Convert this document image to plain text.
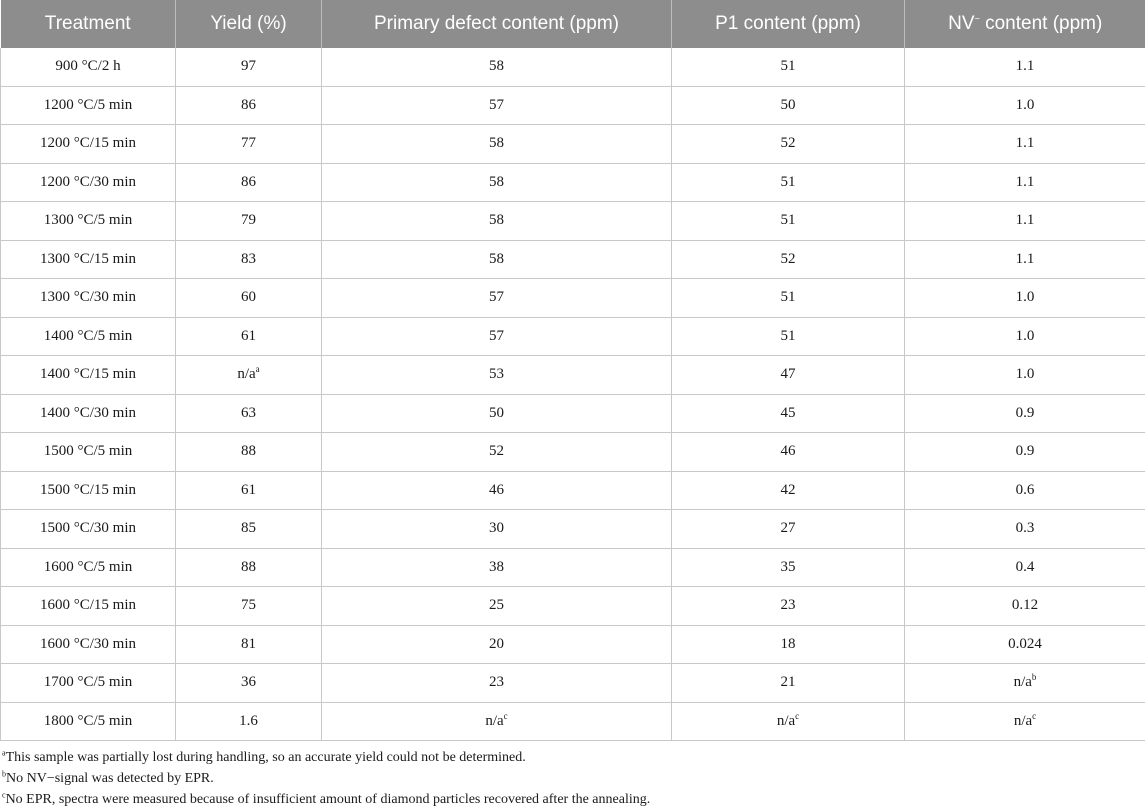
Treatment	Yield (%)	Primary defect content (ppm)	P1 content (ppm)	NV− content (ppm)
900 °C/2 h	97	58	51	1.1
1200 °C/5 min	86	57	50	1.0
1200 °C/15 min	77	58	52	1.1
1200 °C/30 min	86	58	51	1.1
1300 °C/5 min	79	58	51	1.1
1300 °C/15 min	83	58	52	1.1
1300 °C/30 min	60	57	51	1.0
1400 °C/5 min	61	57	51	1.0
1400 °C/15 min	$n/a^a$	53	47	1.0
1400 °C/30 min	63	50	45	0.9
1500 °C/5 min	88	52	46	0.9
1500 °C/15 min	61	46	42	0.6
1500 °C/30 min	85	30	27	0.3
1600 °C/5 min	88	38	35	0.4
1600 °C/15 min	75	25	23	0.12
1600 °C/30 min	81	20	18	0.024
1700 °C/5 min	36	23	21	$n/a^b$
1800 °C/5 min	1.6	$n/a^c$	$n/a^c$	$n/a^c$
$^a$This sample was partially lost during handling, so an accurate yield could not be determined.
$^b$No NV−signal was detected by EPR.
$^c$No EPR, spectra were measured because of insufficient amount of diamond particles recovered after the annealing.
